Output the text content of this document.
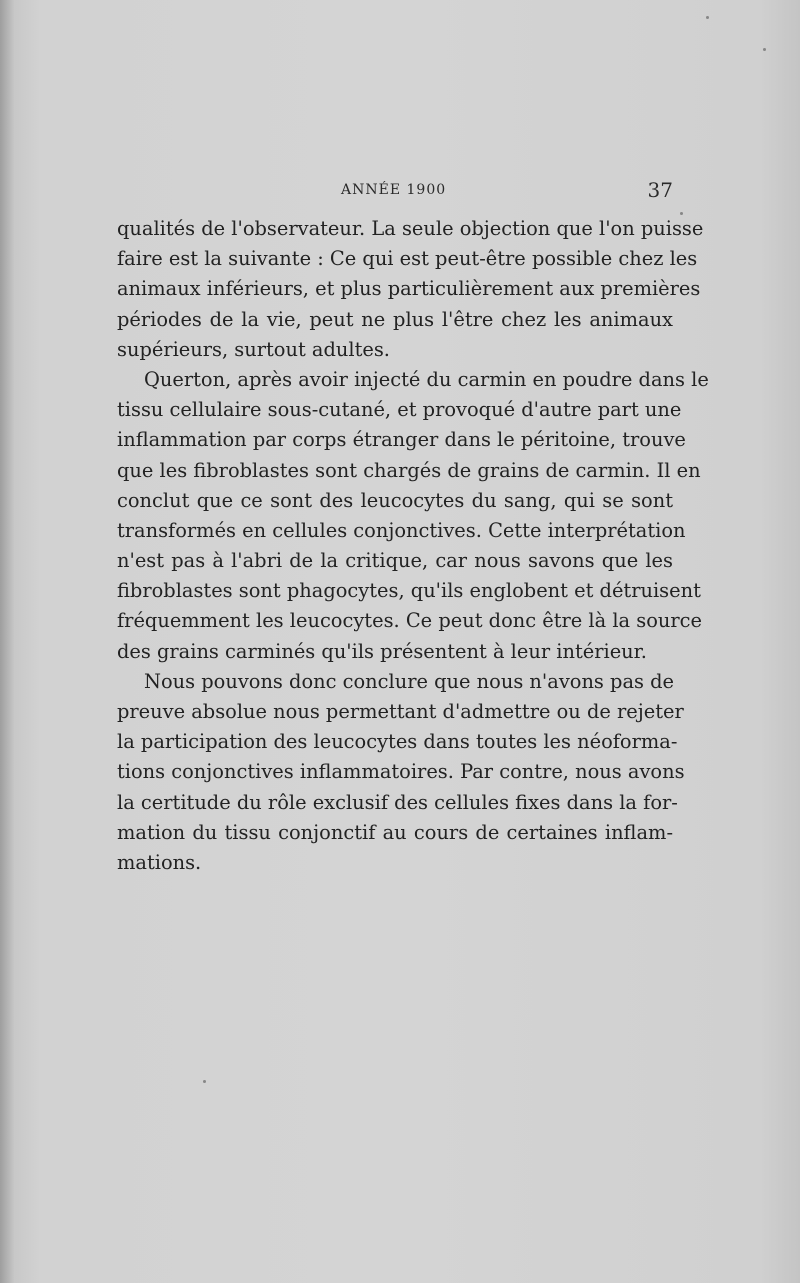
ANNÉE 1900	37

qualités de l'observateur. La seule objection que l'on puisse
faire est la suivante : Ce qui est peut-être possible chez les
animaux inférieurs, et plus particulièrement aux premières
périodes de la vie, peut ne plus l'être chez les animaux
supérieurs, surtout adultes.

Querton, après avoir injecté du carmin en poudre dans le
tissu cellulaire sous-cutané, et provoqué d'autre part une
inflammation par corps étranger dans le péritoine, trouve
que les fibroblastes sont chargés de grains de carmin. Il en
conclut que ce sont des leucocytes du sang, qui se sont
transformés en cellules conjonctives. Cette interprétation
n'est pas à l'abri de la critique, car nous savons que les
fibroblastes sont phagocytes, qu'ils englobent et détruisent
fréquemment les leucocytes. Ce peut donc être là la source
des grains carminés qu'ils présentent à leur intérieur.

Nous pouvons donc conclure que nous n'avons pas de
preuve absolue nous permettant d'admettre ou de rejeter
la participation des leucocytes dans toutes les néoforma-
tions conjonctives inflammatoires. Par contre, nous avons
la certitude du rôle exclusif des cellules fixes dans la for-
mation du tissu conjonctif au cours de certaines inflam-
mations.
